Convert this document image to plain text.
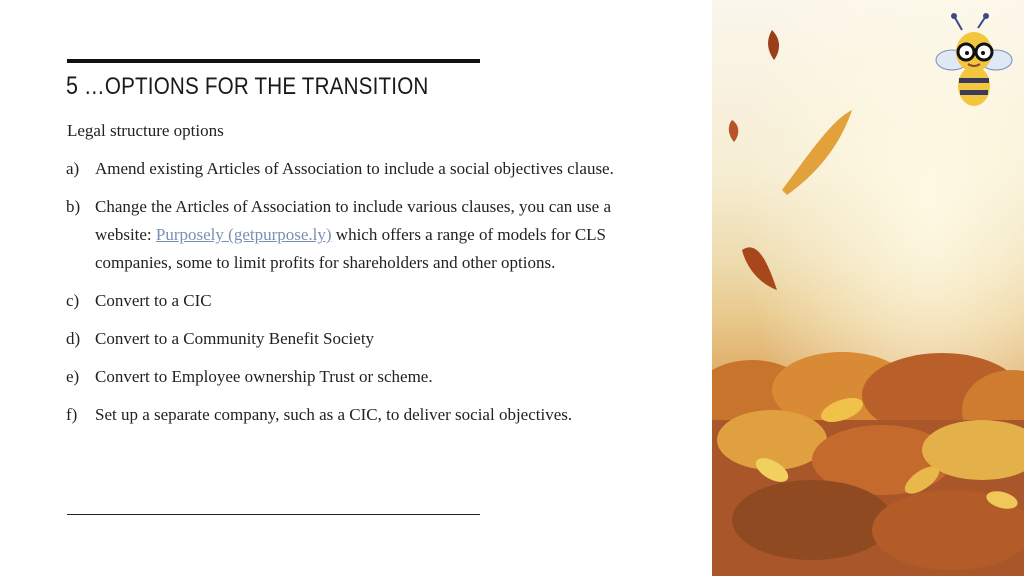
5 …OPTIONS FOR THE TRANSITION
Legal structure options
a) Amend existing Articles of Association to include a social objectives clause.
b) Change the Articles of Association to include various clauses, you can use a website: Purposely (getpurpose.ly) which offers a range of models for CLS companies, some to limit profits for shareholders and other options.
c) Convert to a CIC
d) Convert to a Community Benefit Society
e) Convert to Employee ownership Trust or scheme.
f) Set up a separate company, such as a CIC, to deliver social objectives.
